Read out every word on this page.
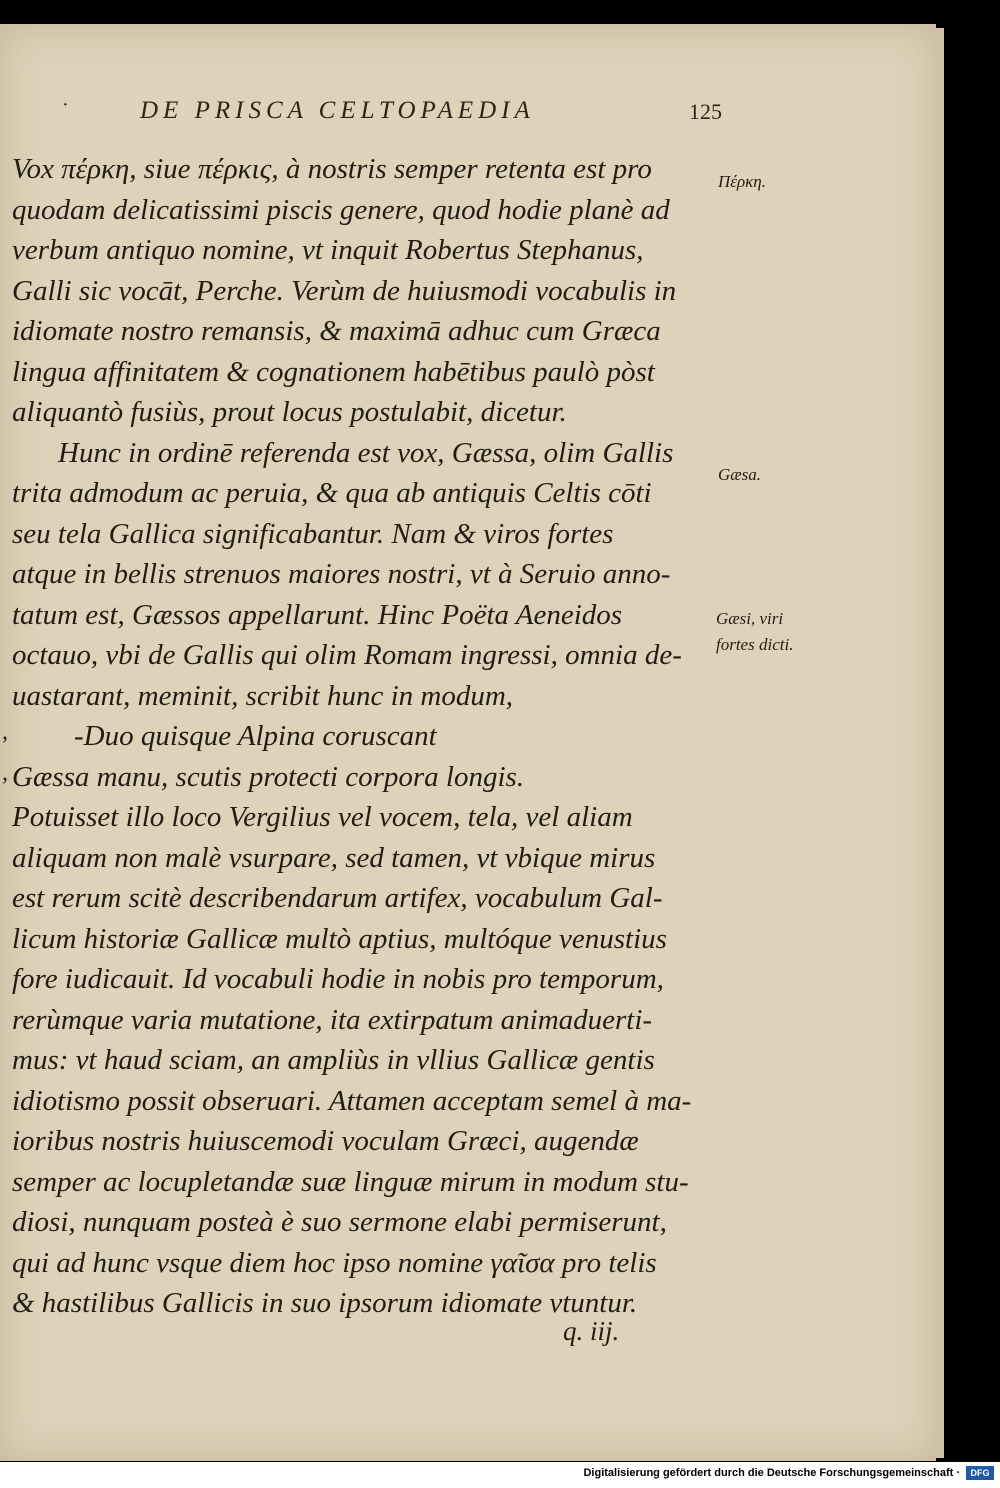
·	DE PRISCA CELTOPAEDIA	125
Vox πέρκη, siue πέρκις, à nostris semper retenta est pro
quodam delicatissimi piscis genere, quod hodie planè ad
verbum antiquo nomine, vt inquit Robertus Stephanus,
Galli sic vocāt, Perche. Verùm de huiusmodi vocabulis in
idiomate nostro remansis, & maximā adhuc cum Græca
lingua affinitatem & cognationem habētibus paulò pòst
aliquantò fusiùs, prout locus postulabit, dicetur.
Hunc in ordinē referenda est vox, Gæssa, olim Gallis
trita admodum ac peruia, & qua ab antiquis Celtis cōti
seu tela Gallica significabantur. Nam & viros fortes
atque in bellis strenuos maiores nostri, vt à Seruio anno-
tatum est, Gæssos appellarunt. Hinc Poëta Aeneidos
octauo, vbi de Gallis qui olim Romam ingressi, omnia de-
uastarant, meminit, scribit hunc in modum,
-Duo quisque Alpina coruscant
Gæssa manu, scutis protecti corpora longis.
Potuisset illo loco Vergilius vel vocem, tela, vel aliam
aliquam non malè vsurpare, sed tamen, vt vbique mirus
est rerum scitè describendarum artifex, vocabulum Gal-
licum historiæ Gallicæ multò aptius, multóque venustius
fore iudicauit. Id vocabuli hodie in nobis pro temporum,
rerùmque varia mutatione, ita extirpatum animaduerti-
mus: vt haud sciam, an ampliùs in vllius Gallicæ gentis
idiotismo possit obseruari. Attamen acceptam semel à ma-
ioribus nostris huiuscemodi voculam Græci, augendæ
semper ac locupletandæ suæ linguæ mirum in modum stu-
diosi, nunquam posteà è suo sermone elabi permiserunt,
qui ad hunc vsque diem hoc ipso nomine γαῖσα pro telis
& hastilibus Gallicis in suo ipsorum idiomate vtuntur.
Πέρκη.
Gæsa.
Gæsi, viri
fortes dicti.
,
,
q. iij.
Digitalisierung gefördert durch die Deutsche Forschungsgemeinschaft ·	DFG
